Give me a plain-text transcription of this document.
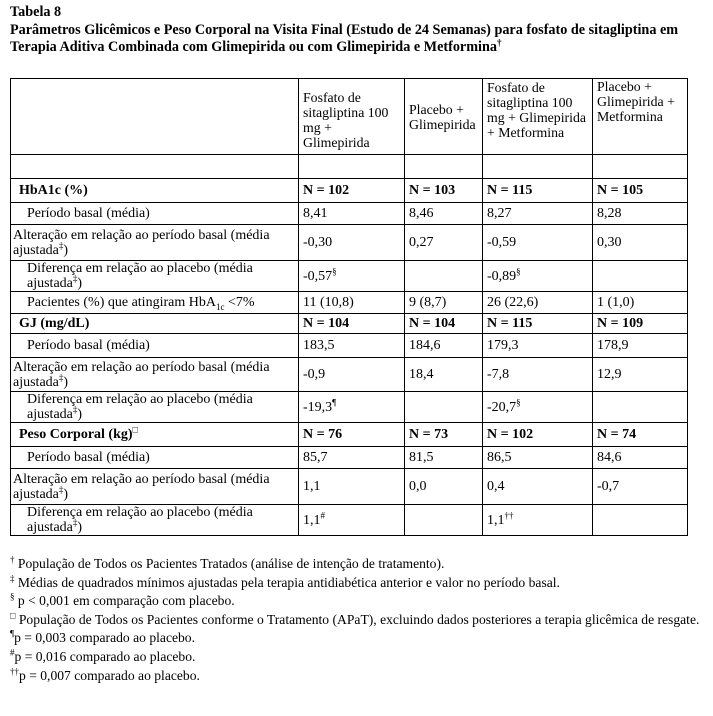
Tabela 8
Parâmetros Glicêmicos e Peso Corporal na Visita Final (Estudo de 24 Semanas) para fosfato de sitagliptina em Terapia Aditiva Combinada com Glimepirida ou com Glimepirida e Metformina†
	Fosfato de sitagliptina 100 mg + Glimepirida	Placebo + Glimepirida	Fosfato de sitagliptina 100 mg + Glimepirida + Metformina	Placebo + Glimepirida + Metformina

HbA1c (%)	N = 102	N = 103	N = 115	N = 105
Período basal (média)	8,41	8,46	8,27	8,28
Alteração em relação ao período basal (média ajustada‡)	-0,30	0,27	-0,59	0,30
Diferença em relação ao placebo (média ajustada‡)	-0,57§		-0,89§	
Pacientes (%) que atingiram HbA$_{1c}$ <7%	11 (10,8)	9 (8,7)	26 (22,6)	1 (1,0)
GJ (mg/dL)	N = 104	N = 104	N = 115	N = 109
Período basal (média)	183,5	184,6	179,3	178,9
Alteração em relação ao período basal (média ajustada‡)	-0,9	18,4	-7,8	12,9
Diferença em relação ao placebo (média ajustada‡)	-19,3¶		-20,7§	
Peso Corporal (kg)□	N = 76	N = 73	N = 102	N = 74
Período basal (média)	85,7	81,5	86,5	84,6
Alteração em relação ao período basal (média ajustada‡)	1,1	0,0	0,4	-0,7
Diferença em relação ao placebo (média ajustada‡)	1,1#		1,1††	
† População de Todos os Pacientes Tratados (análise de intenção de tratamento).
‡ Médias de quadrados mínimos ajustadas pela terapia antidiabética anterior e valor no período basal.
§ p < 0,001 em comparação com placebo.
□ População de Todos os Pacientes conforme o Tratamento (APaT), excluindo dados posteriores a terapia glicêmica de resgate.
¶p = 0,003 comparado ao placebo.
#p = 0,016 comparado ao placebo.
††p = 0,007 comparado ao placebo.
